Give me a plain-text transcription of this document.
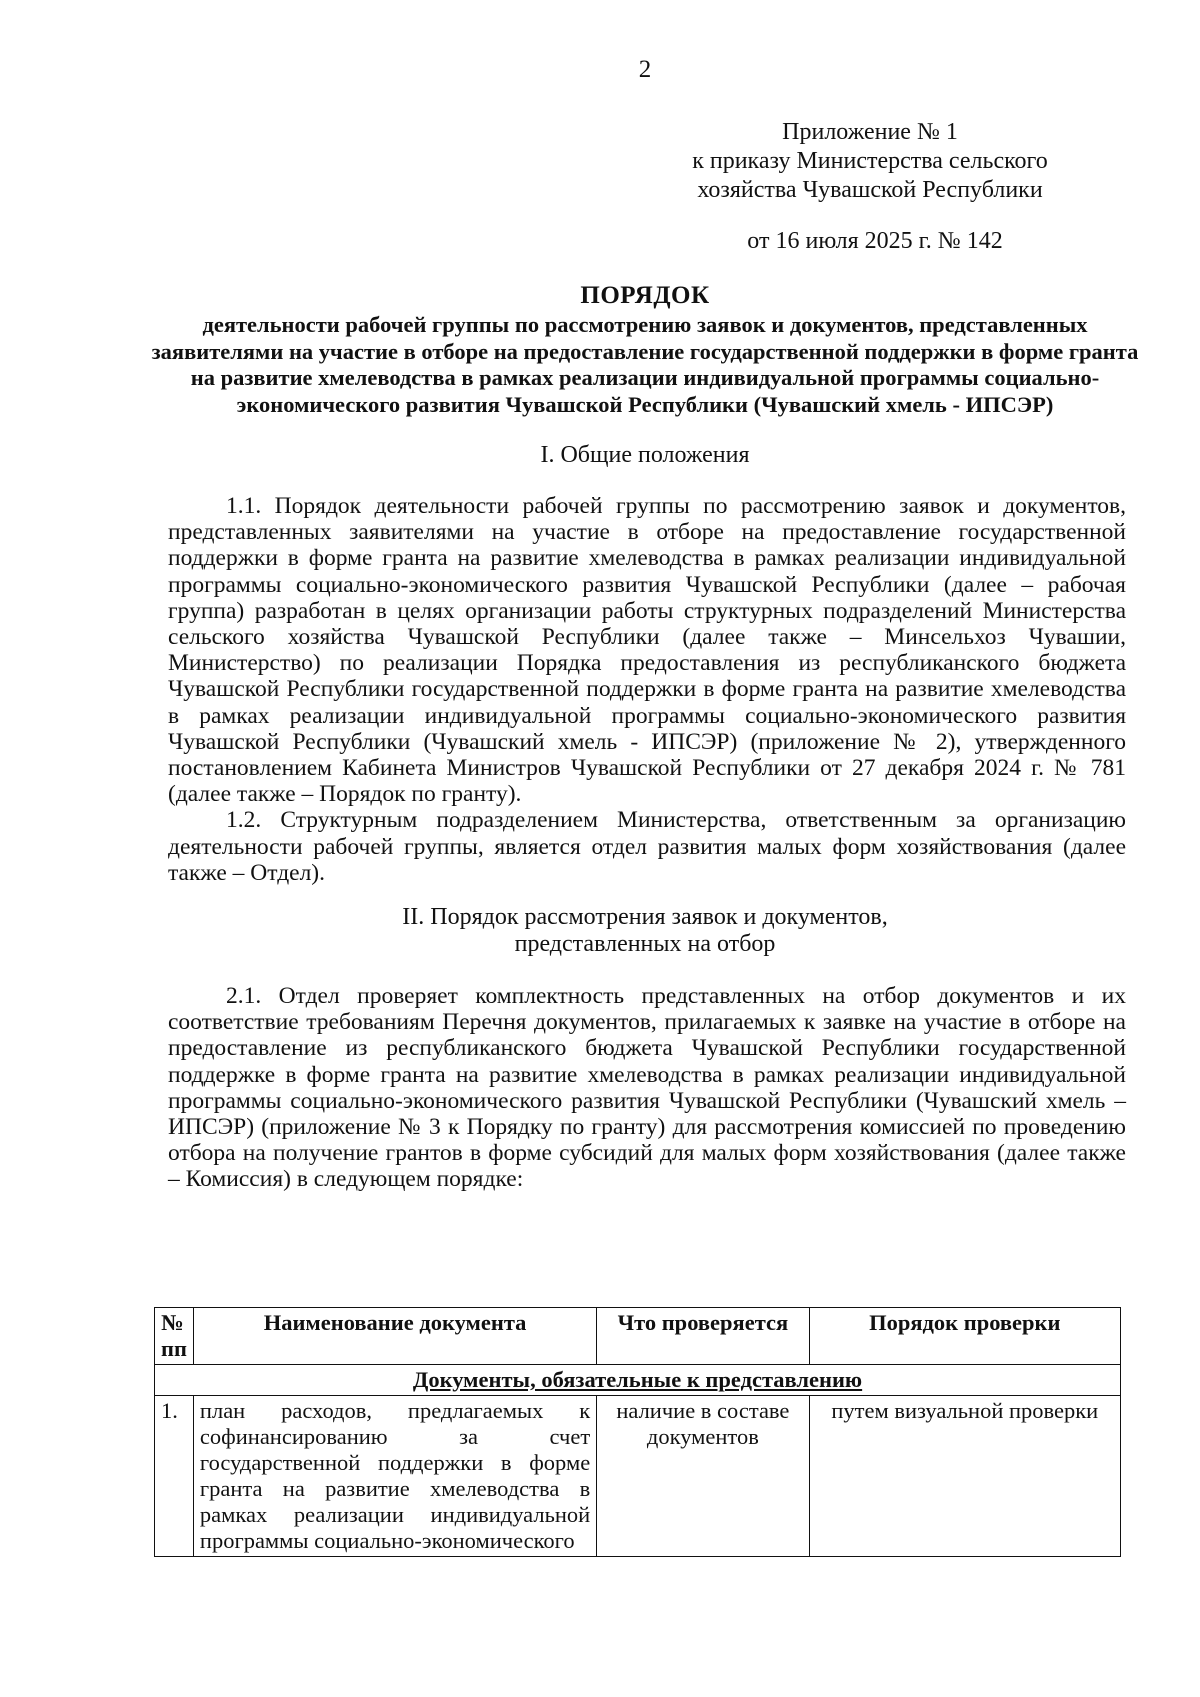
2
Приложение № 1
к приказу Министерства сельского
хозяйства Чувашской Республики
от 16 июля 2025 г. № 142
ПОРЯДОК
деятельности рабочей группы по рассмотрению заявок и документов, представленных заявителями на участие в отборе на предоставление государственной поддержки в форме гранта на развитие хмелеводства в рамках реализации индивидуальной программы социально-экономического развития Чувашской Республики (Чувашский хмель - ИПСЭР)
I. Общие положения

1.1. Порядок деятельности рабочей группы по рассмотрению заявок и документов, представленных заявителями на участие в отборе на предоставление государственной поддержки в форме гранта на развитие хмелеводства в рамках реализации индивидуальной программы социально-экономического развития Чувашской Республики (далее – рабочая группа) разработан в целях организации работы структурных подразделений Министерства сельского хозяйства Чувашской Республики (далее также – Минсельхоз Чувашии, Министерство) по реализации Порядка предоставления из республиканского бюджета Чувашской Республики государственной поддержки в форме гранта на развитие хмелеводства в рамках реализации индивидуальной программы социально-экономического развития Чувашской Республики (Чувашский хмель - ИПСЭР) (приложение № 2), утвержденного постановлением Кабинета Министров Чувашской Республики от 27 декабря 2024 г. № 781 (далее также – Порядок по гранту).

1.2. Структурным подразделением Министерства, ответственным за организацию деятельности рабочей группы, является отдел развития малых форм хозяйствования (далее также – Отдел).

II. Порядок рассмотрения заявок и документов,
представленных на отбор

2.1. Отдел проверяет комплектность представленных на отбор документов и их соответствие требованиям Перечня документов, прилагаемых к заявке на участие в отборе на предоставление из республиканского бюджета Чувашской Республики государственной поддержке в форме гранта на развитие хмелеводства в рамках реализации индивидуальной программы социально-экономического развития Чувашской Республики (Чувашский хмель – ИПСЭР) (приложение № 3 к Порядку по гранту) для рассмотрения комиссией по проведению отбора на получение грантов в форме субсидий для малых форм хозяйствования (далее также – Комиссия) в следующем порядке:

№ пп	Наименование документа	Что проверяется	Порядок проверки
Документы, обязательные к представлению			
1.	план расходов, предлагаемых к софинансированию за счет государственной поддержки в форме гранта на развитие хмелеводства в рамках реализации индивидуальной программы социально-экономического	наличие в составе документов	путем визуальной проверки
